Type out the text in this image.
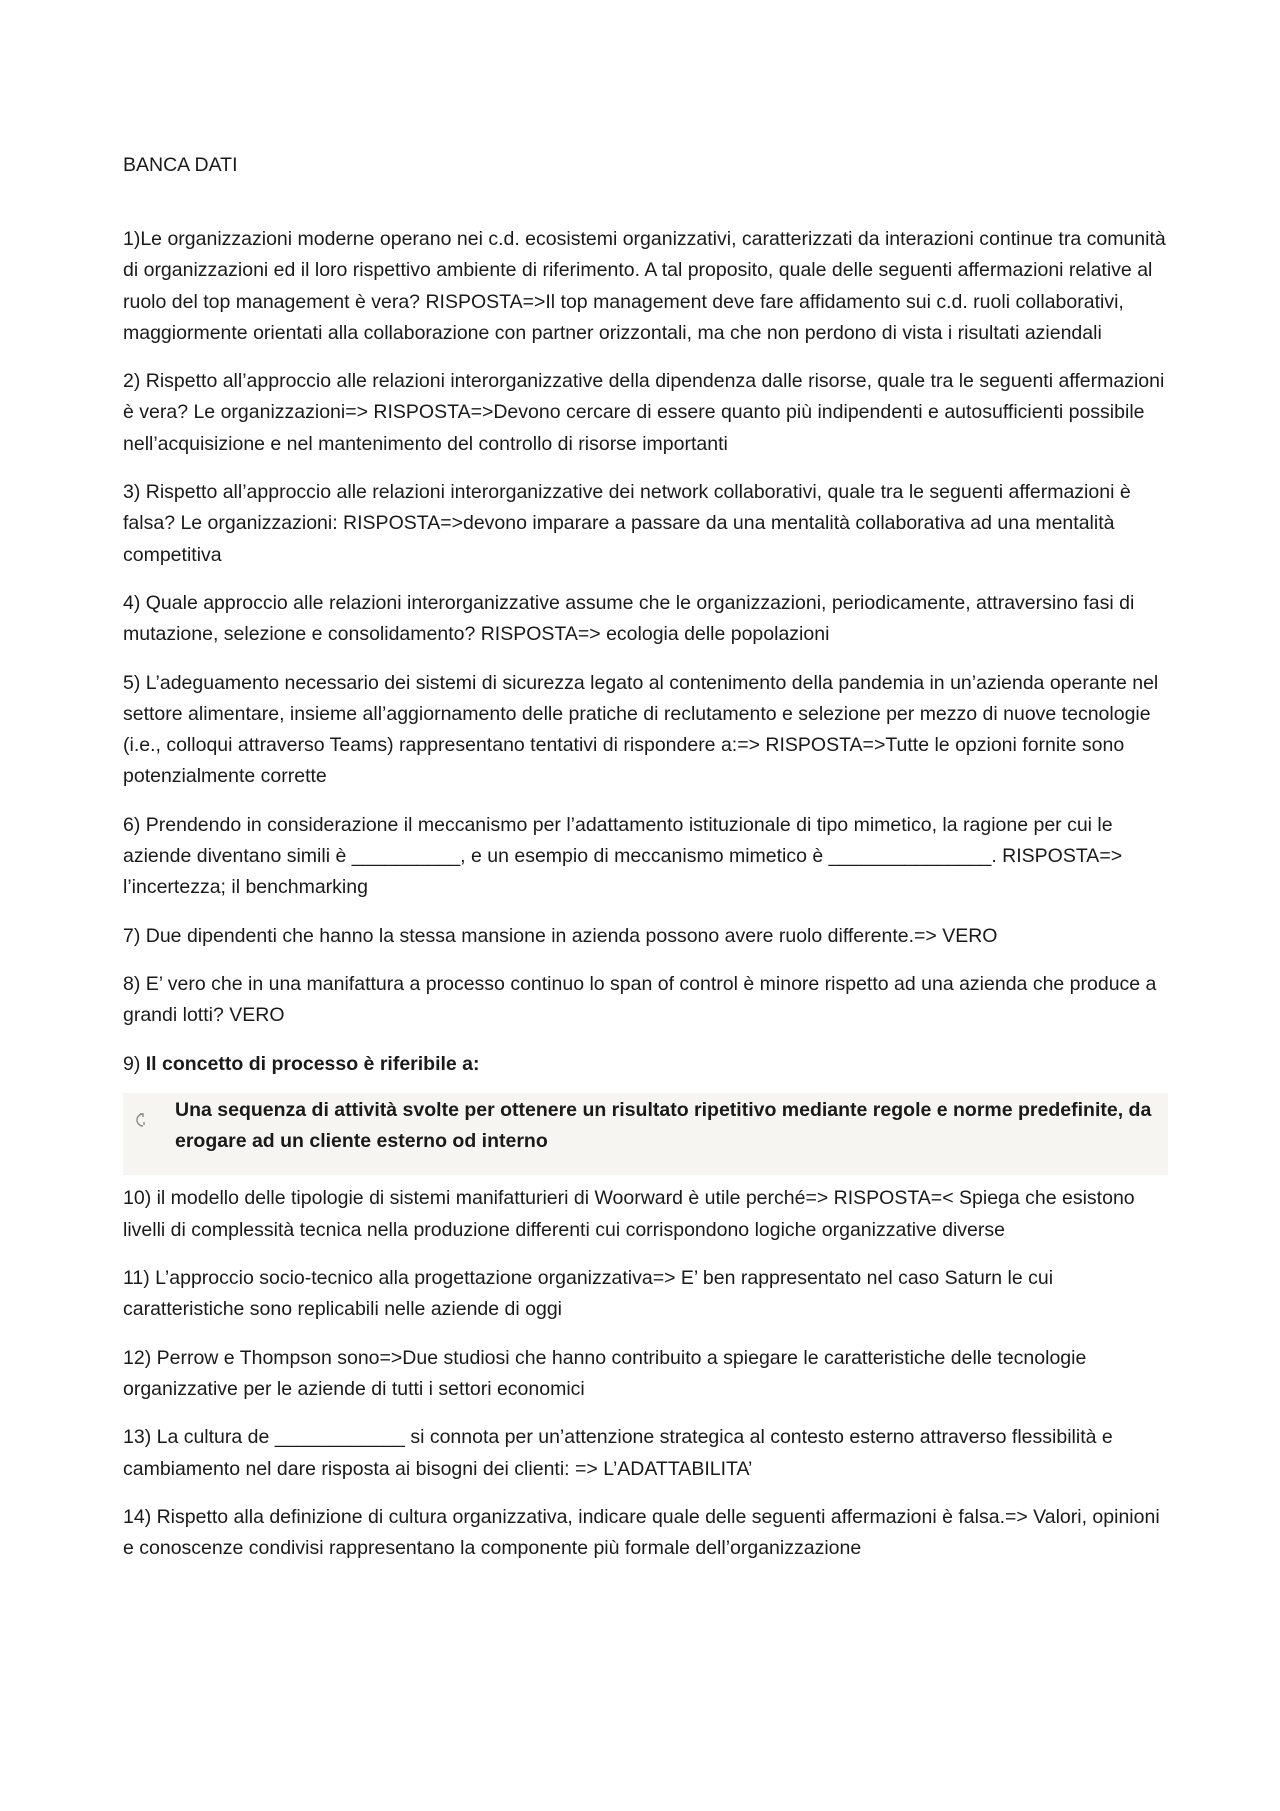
BANCA DATI

1)Le organizzazioni moderne operano nei c.d. ecosistemi organizzativi, caratterizzati da interazioni continue tra comunità di organizzazioni ed il loro rispettivo ambiente di riferimento. A tal proposito, quale delle seguenti affermazioni relative al ruolo del top management è vera? RISPOSTA=>Il top management deve fare affidamento sui c.d. ruoli collaborativi, maggiormente orientati alla collaborazione con partner orizzontali, ma che non perdono di vista i risultati aziendali

2) Rispetto all’approccio alle relazioni interorganizzative della dipendenza dalle risorse, quale tra le seguenti affermazioni è vera? Le organizzazioni=> RISPOSTA=>Devono cercare di essere quanto più indipendenti e autosufficienti possibile nell’acquisizione e nel mantenimento del controllo di risorse importanti

3) Rispetto all’approccio alle relazioni interorganizzative dei network collaborativi, quale tra le seguenti affermazioni è falsa? Le organizzazioni: RISPOSTA=>devono imparare a passare da una mentalità collaborativa ad una mentalità competitiva

4) Quale approccio alle relazioni interorganizzative assume che le organizzazioni, periodicamente, attraversino fasi di mutazione, selezione e consolidamento? RISPOSTA=> ecologia delle popolazioni

5) L’adeguamento necessario dei sistemi di sicurezza legato al contenimento della pandemia in un’azienda operante nel settore alimentare, insieme all’aggiornamento delle pratiche di reclutamento e selezione per mezzo di nuove tecnologie (i.e., colloqui attraverso Teams) rappresentano tentativi di rispondere a:=> RISPOSTA=>Tutte le opzioni fornite sono potenzialmente corrette

6) Prendendo in considerazione il meccanismo per l’adattamento istituzionale di tipo mimetico, la ragione per cui le aziende diventano simili è __________, e un esempio di meccanismo mimetico è _______________. RISPOSTA=> l’incertezza; il benchmarking

7) Due dipendenti che hanno la stessa mansione in azienda possono avere ruolo differente.=> VERO

8) E’ vero che in una manifattura a processo continuo lo span of control è minore rispetto ad una azienda che produce a grandi lotti? VERO

9) Il concetto di processo è riferibile a:

Una sequenza di attività svolte per ottenere un risultato ripetitivo mediante regole e norme predefinite, da erogare ad un cliente esterno od interno

10) il modello delle tipologie di sistemi manifatturieri di Woorward è utile perché=> RISPOSTA=< Spiega che esistono livelli di complessità tecnica nella produzione differenti cui corrispondono logiche organizzative diverse

11) L’approccio socio-tecnico alla progettazione organizzativa=> E’ ben rappresentato nel caso Saturn le cui caratteristiche sono replicabili nelle aziende di oggi

12) Perrow e Thompson sono=>Due studiosi che hanno contribuito a spiegare le caratteristiche delle tecnologie organizzative per le aziende di tutti i settori economici

13) La cultura de ____________ si connota per un’attenzione strategica al contesto esterno attraverso flessibilità e cambiamento nel dare risposta ai bisogni dei clienti: => L’ADATTABILITA’

14) Rispetto alla definizione di cultura organizzativa, indicare quale delle seguenti affermazioni è falsa.=> Valori, opinioni e conoscenze condivisi rappresentano la componente più formale dell’organizzazione
